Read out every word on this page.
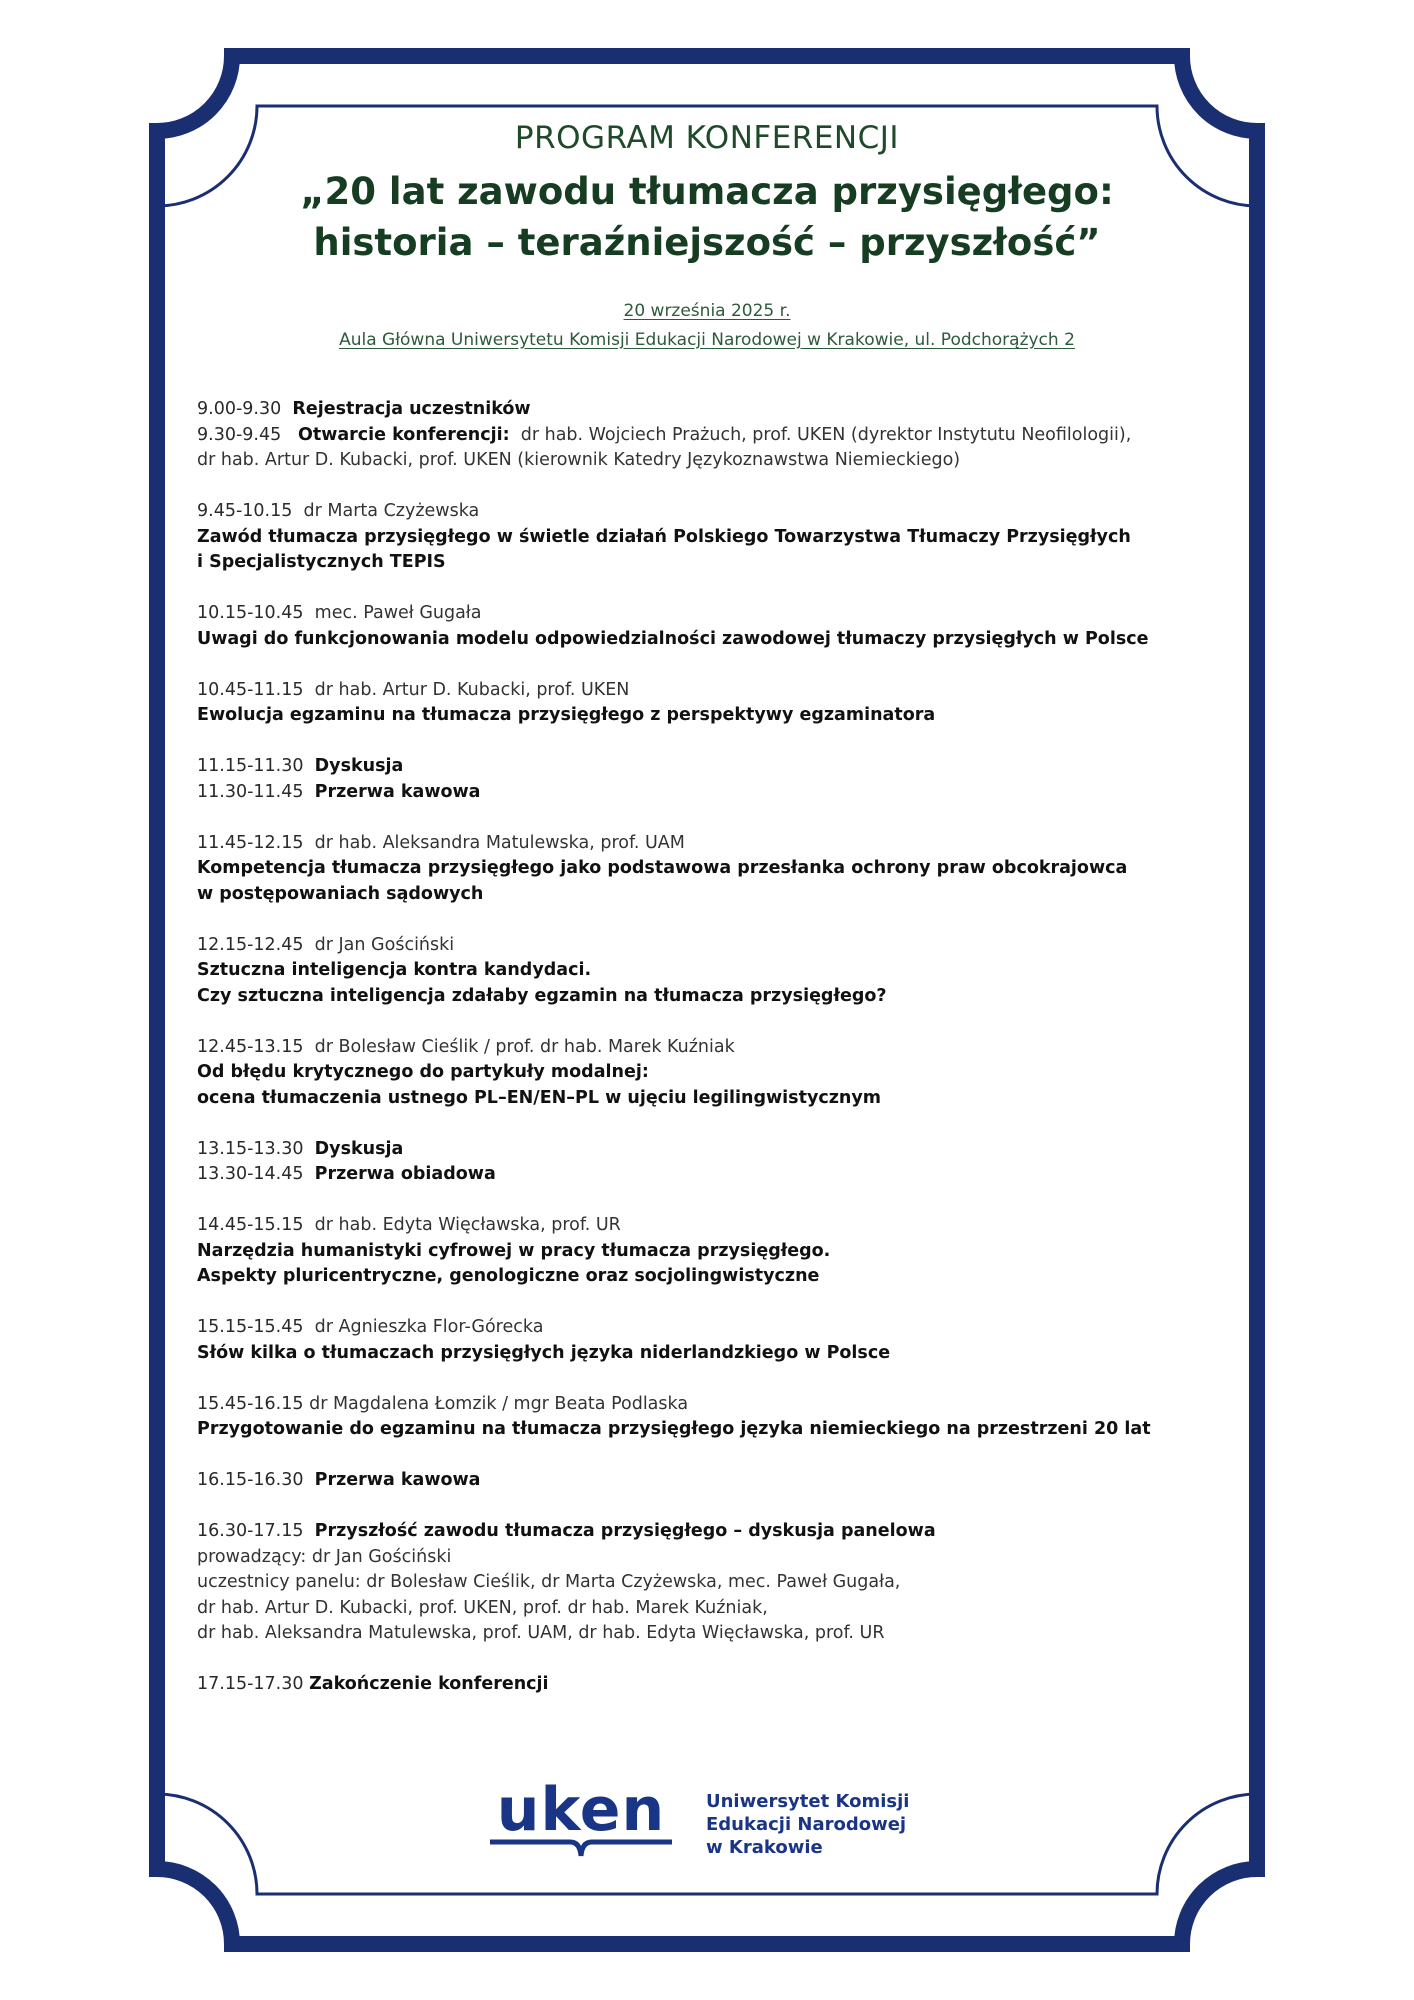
PROGRAM KONFERENCJI

„20 lat zawodu tłumacza przysięgłego:
historia – teraźniejszość – przyszłość”

20 września 2025 r.
Aula Główna Uniwersytetu Komisji Edukacji Narodowej w Krakowie, ul. Podchorążych 2
9.00-9.30 Rejestracja uczestników
9.30-9.45 Otwarcie konferencji: dr hab. Wojciech Prażuch, prof. UKEN (dyrektor Instytutu Neofilologii),
dr hab. Artur D. Kubacki, prof. UKEN (kierownik Katedry Językoznawstwa Niemieckiego)
9.45-10.15 dr Marta Czyżewska
Zawód tłumacza przysięgłego w świetle działań Polskiego Towarzystwa Tłumaczy Przysięgłych
i Specjalistycznych TEPIS
10.15-10.45 mec. Paweł Gugała
Uwagi do funkcjonowania modelu odpowiedzialności zawodowej tłumaczy przysięgłych w Polsce
10.45-11.15 dr hab. Artur D. Kubacki, prof. UKEN
Ewolucja egzaminu na tłumacza przysięgłego z perspektywy egzaminatora
11.15-11.30 Dyskusja
11.30-11.45 Przerwa kawowa
11.45-12.15 dr hab. Aleksandra Matulewska, prof. UAM
Kompetencja tłumacza przysięgłego jako podstawowa przesłanka ochrony praw obcokrajowca
w postępowaniach sądowych
12.15-12.45 dr Jan Gościński
Sztuczna inteligencja kontra kandydaci.
Czy sztuczna inteligencja zdałaby egzamin na tłumacza przysięgłego?
12.45-13.15 dr Bolesław Cieślik / prof. dr hab. Marek Kuźniak
Od błędu krytycznego do partykuły modalnej:
ocena tłumaczenia ustnego PL–EN/EN–PL w ujęciu legilingwistycznym
13.15-13.30 Dyskusja
13.30-14.45 Przerwa obiadowa
14.45-15.15 dr hab. Edyta Więcławska, prof. UR
Narzędzia humanistyki cyfrowej w pracy tłumacza przysięgłego.
Aspekty pluricentryczne, genologiczne oraz socjolingwistyczne
15.15-15.45 dr Agnieszka Flor-Górecka
Słów kilka o tłumaczach przysięgłych języka niderlandzkiego w Polsce
15.45-16.15 dr Magdalena Łomzik / mgr Beata Podlaska
Przygotowanie do egzaminu na tłumacza przysięgłego języka niemieckiego na przestrzeni 20 lat
16.15-16.30 Przerwa kawowa
16.30-17.15 Przyszłość zawodu tłumacza przysięgłego – dyskusja panelowa
prowadzący: dr Jan Gościński
uczestnicy panelu: dr Bolesław Cieślik, dr Marta Czyżewska, mec. Paweł Gugała,
dr hab. Artur D. Kubacki, prof. UKEN, prof. dr hab. Marek Kuźniak,
dr hab. Aleksandra Matulewska, prof. UAM, dr hab. Edyta Więcławska, prof. UR
17.15-17.30 Zakończenie konferencji
uken Uniwersytet Komisji
Edukacji Narodowej
w Krakowie
